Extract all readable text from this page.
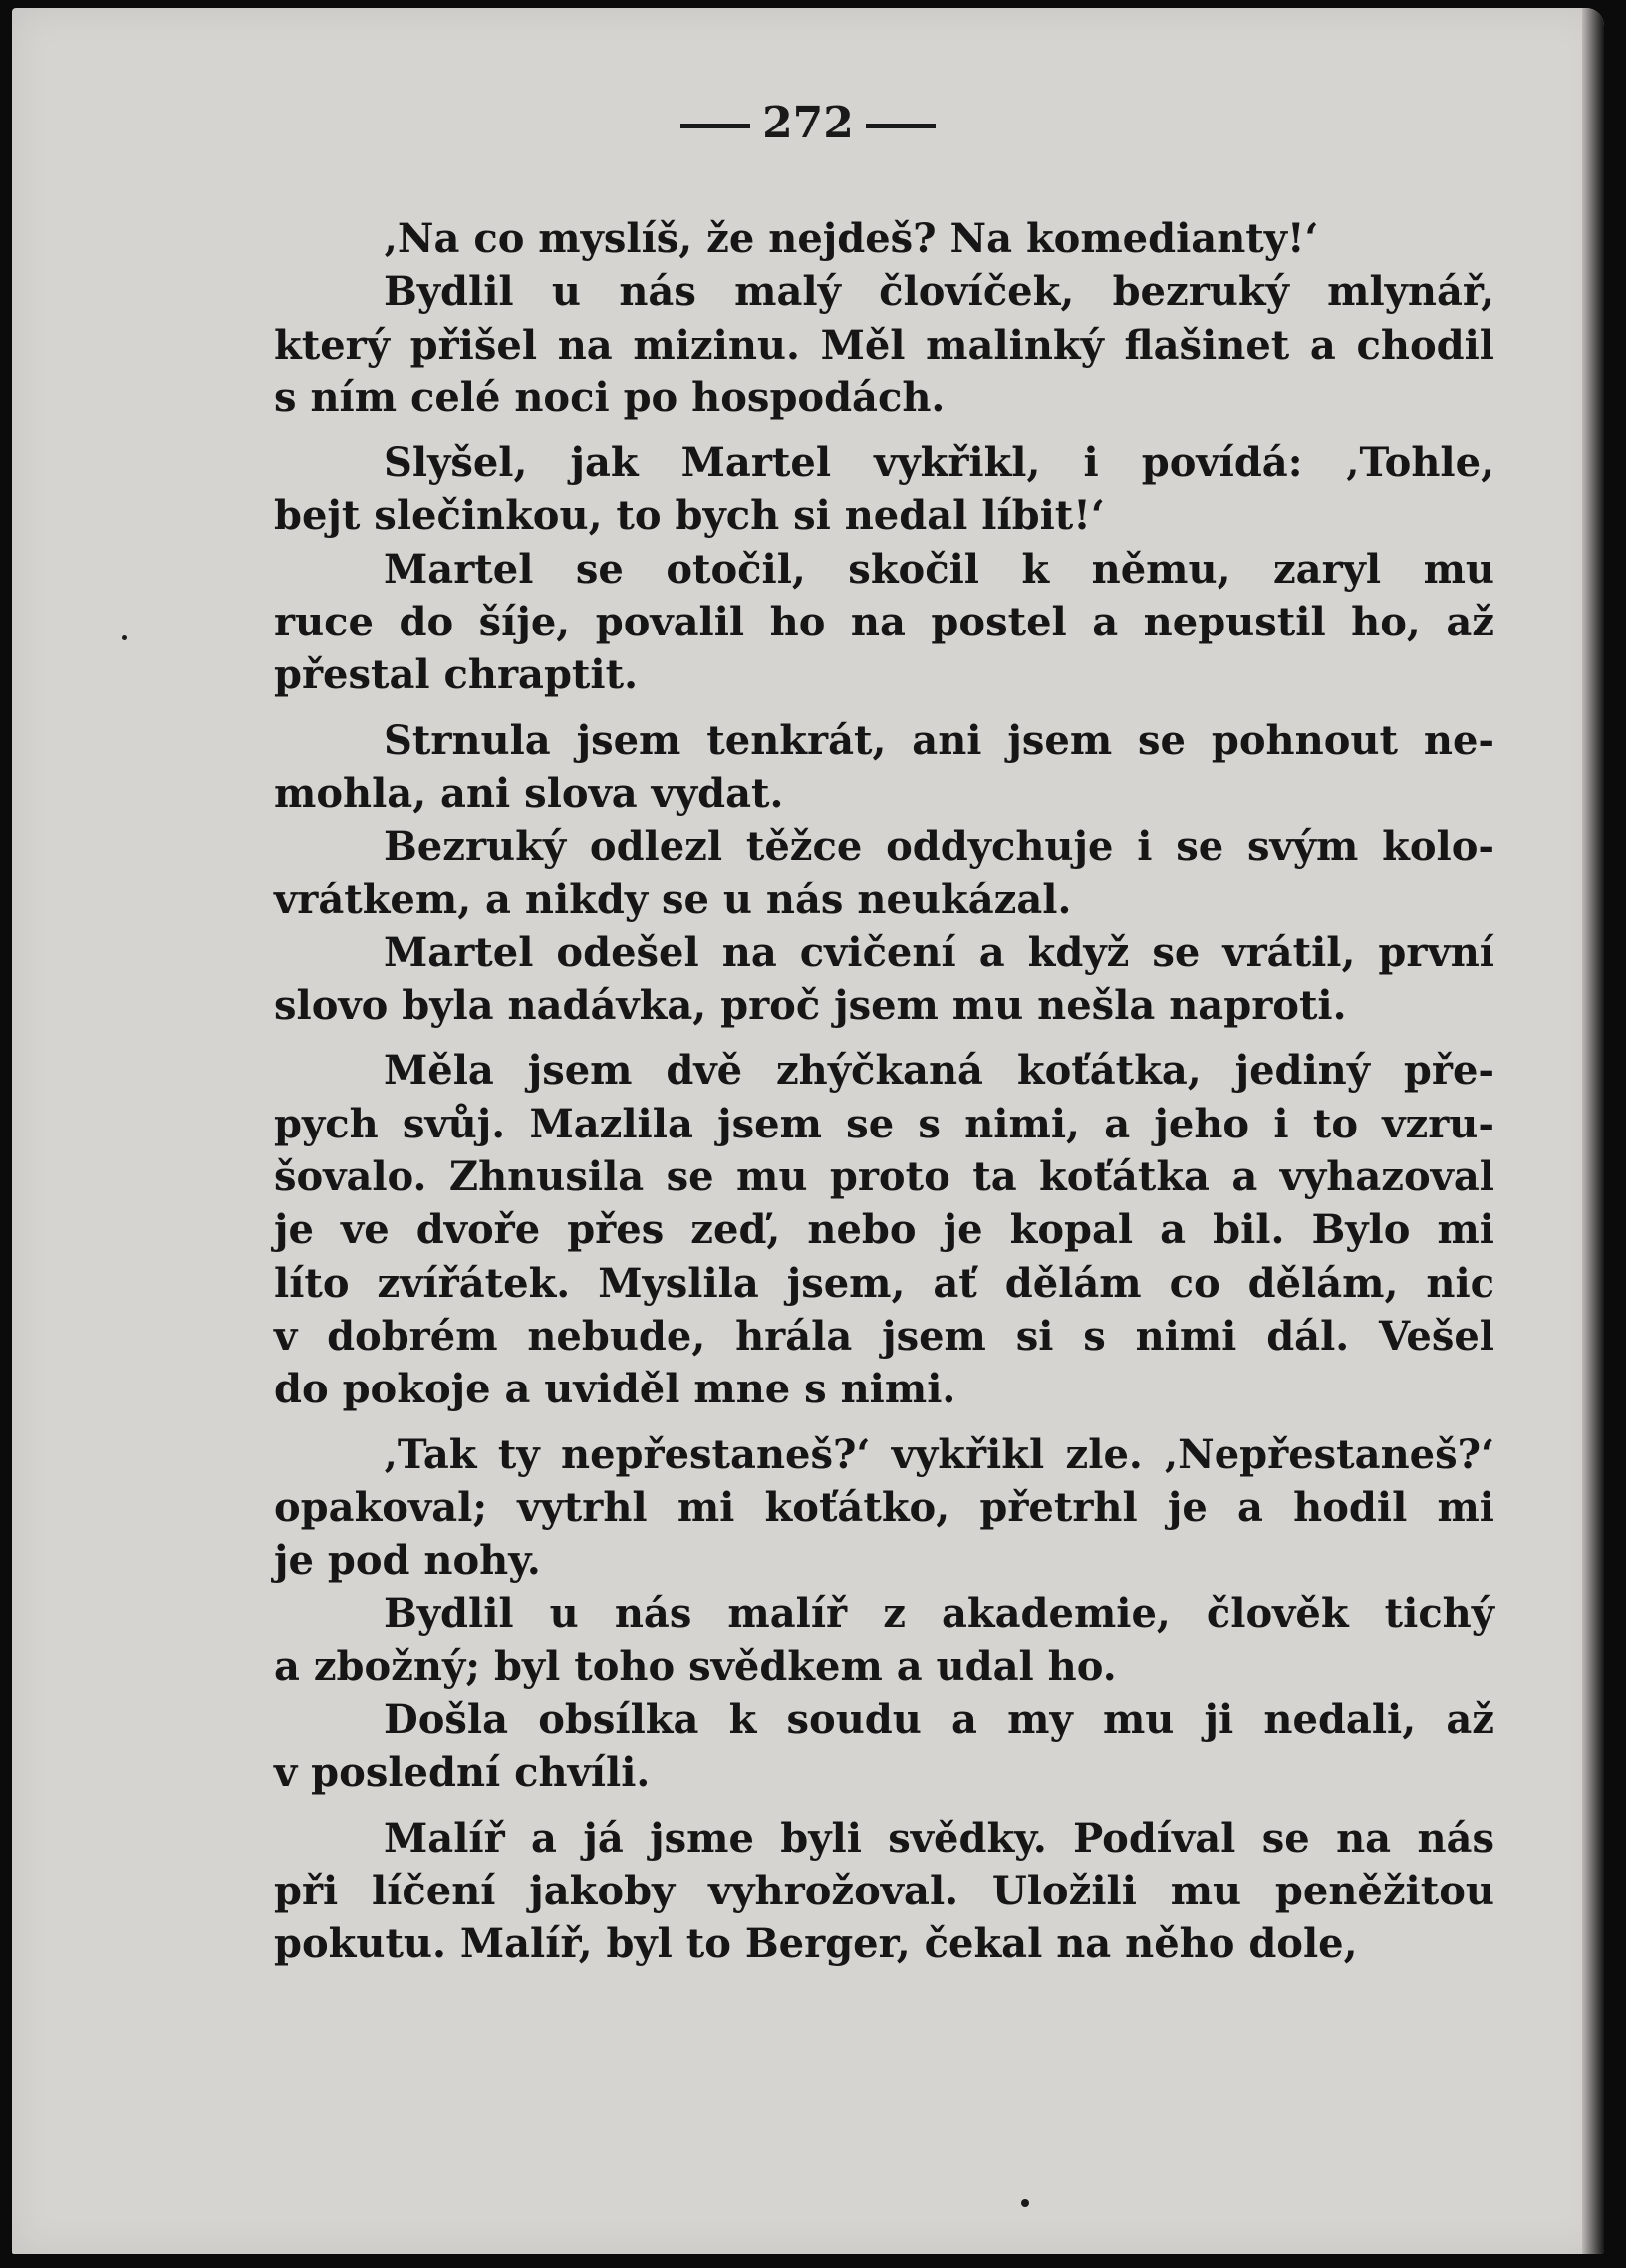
272
‚Na co myslíš, že nejdeš? Na komedianty!‘
Bydlil u nás malý človíček, bezruký mlynář,
který přišel na mizinu. Měl malinký flašinet a chodil
s ním celé noci po hospodách.
Slyšel, jak Martel vykřikl, i povídá: ‚Tohle,
bejt slečinkou, to bych si nedal líbit!‘
Martel se otočil, skočil k němu, zaryl mu
ruce do šíje, povalil ho na postel a nepustil ho, až
přestal chraptit.
Strnula jsem tenkrát, ani jsem se pohnout ne-
mohla, ani slova vydat.
Bezruký odlezl těžce oddychuje i se svým kolo-
vrátkem, a nikdy se u nás neukázal.
Martel odešel na cvičení a když se vrátil, první
slovo byla nadávka, proč jsem mu nešla naproti.
Měla jsem dvě zhýčkaná koťátka, jediný pře-
pych svůj. Mazlila jsem se s nimi, a jeho i to vzru-
šovalo. Zhnusila se mu proto ta koťátka a vyhazoval
je ve dvoře přes zeď, nebo je kopal a bil. Bylo mi
líto zvířátek. Myslila jsem, ať dělám co dělám, nic
v dobrém nebude, hrála jsem si s nimi dál. Vešel
do pokoje a uviděl mne s nimi.
‚Tak ty nepřestaneš?‘ vykřikl zle. ‚Nepřestaneš?‘
opakoval; vytrhl mi koťátko, přetrhl je a hodil mi
je pod nohy.
Bydlil u nás malíř z akademie, člověk tichý
a zbožný; byl toho svědkem a udal ho.
Došla obsílka k soudu a my mu ji nedali, až
v poslední chvíli.
Malíř a já jsme byli svědky. Podíval se na nás
při líčení jakoby vyhrožoval. Uložili mu peněžitou
pokutu. Malíř, byl to Berger, čekal na něho dole,
